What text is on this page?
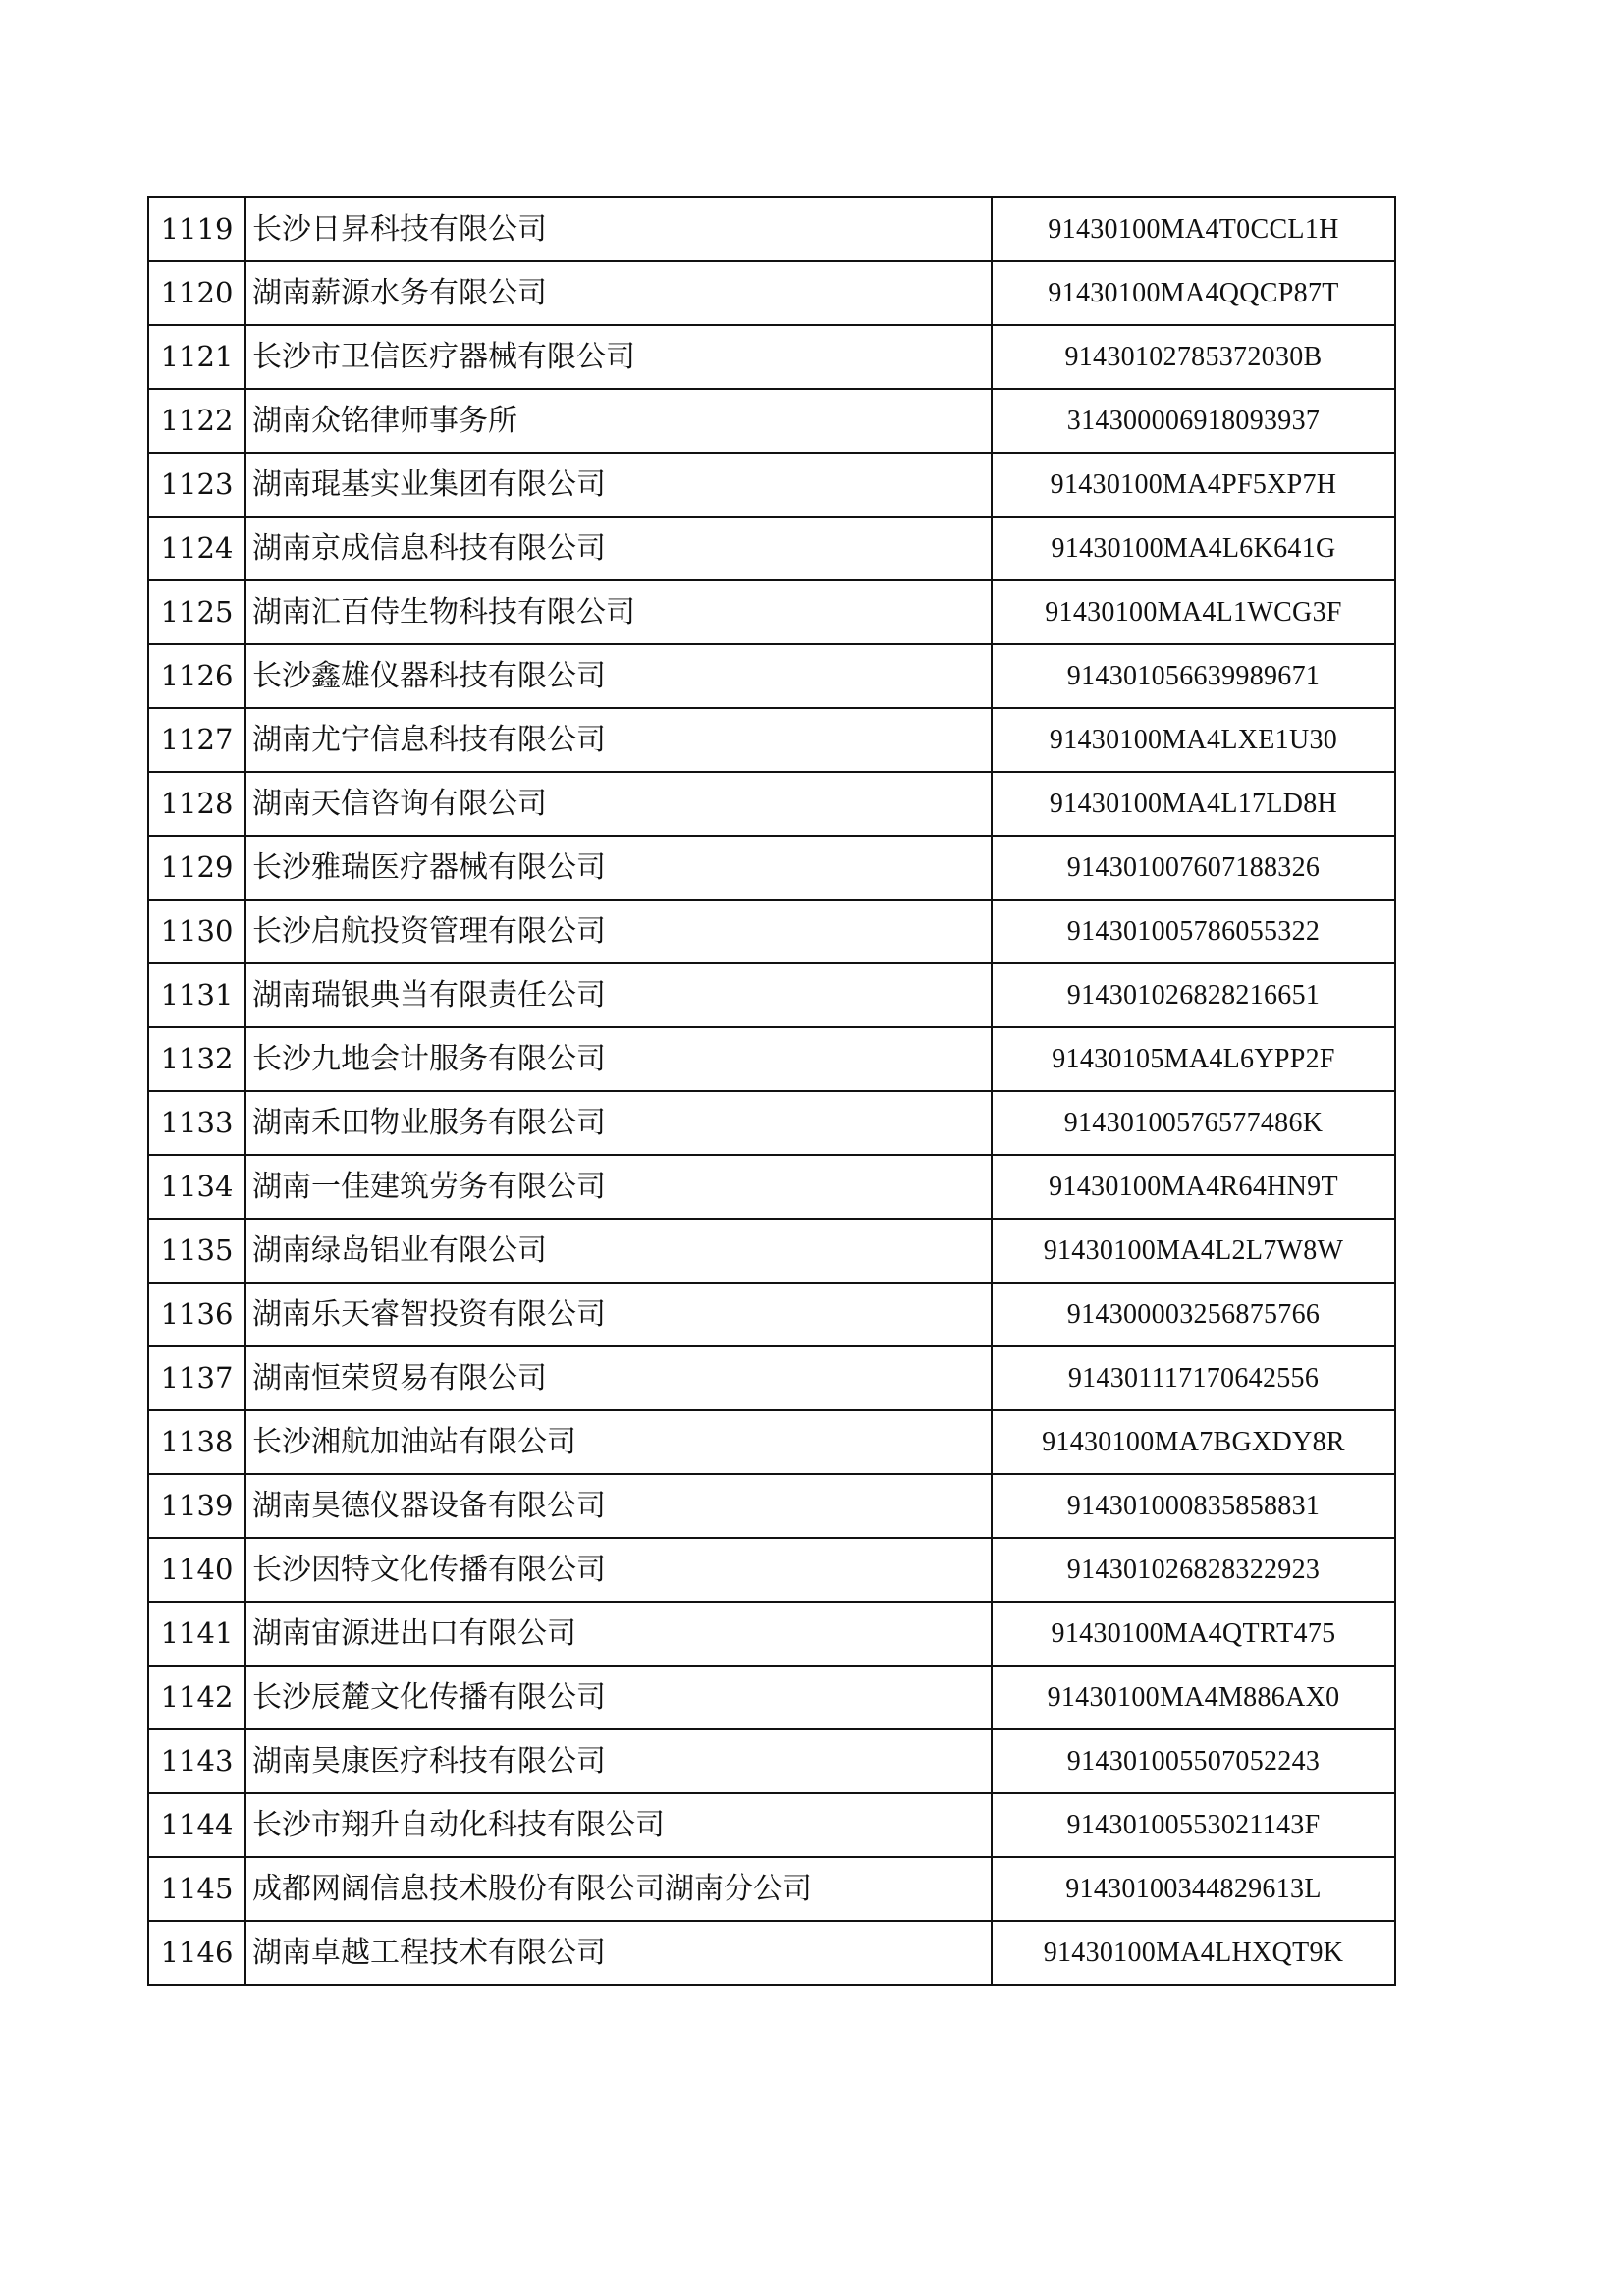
1119	长沙日昇科技有限公司	91430100MA4T0CCL1H
1120	湖南薪源水务有限公司	91430100MA4QQCP87T
1121	长沙市卫信医疗器械有限公司	91430102785372030B
1122	湖南众铭律师事务所	31430000691809393​7
1123	湖南琨基实业集团有限公司	91430100MA4PF5XP7H
1124	湖南京成信息科技有限公司	91430100MA4L6K641G
1125	湖南汇百侍生物科技有限公司	91430100MA4L1WCG3F
1126	长沙鑫雄仪器科技有限公司	914301056639989671
1127	湖南尤宁信息科技有限公司	91430100MA4LXE1U30
1128	湖南天信咨询有限公司	91430100MA4L17LD8H
1129	长沙雅瑞医疗器械有限公司	914301007607188326
1130	长沙启航投资管理有限公司	914301005786055322
1131	湖南瑞银典当有限责任公司	914301026828216651
1132	长沙九地会计服务有限公司	91430105MA4L6YPP2F
1133	湖南禾田物业服务有限公司	91430100576577486K
1134	湖南一佳建筑劳务有限公司	91430100MA4R64HN9T
1135	湖南绿岛铝业有限公司	91430100MA4L2L7W8W
1136	湖南乐天睿智投资有限公司	914300003256875766
1137	湖南恒荣贸易有限公司	914301117170642556
1138	长沙湘航加油站有限公司	91430100MA7BGXDY8R
1139	湖南昊德仪器设备有限公司	914301000835858831
1140	长沙因特文化传播有限公司	914301026828322923
1141	湖南宙源进出口有限公司	91430100MA4QTRT475
1142	长沙辰麓文化传播有限公司	91430100MA4M886AX0
1143	湖南昊康医疗科技有限公司	914301005507052243
1144	长沙市翔升自动化科技有限公司	91430100553021143F
1145	成都网阔信息技术股份有限公司湖南分公司	91430100344829613L
1146	湖南卓越工程技术有限公司	91430100MA4LHXQT9K
